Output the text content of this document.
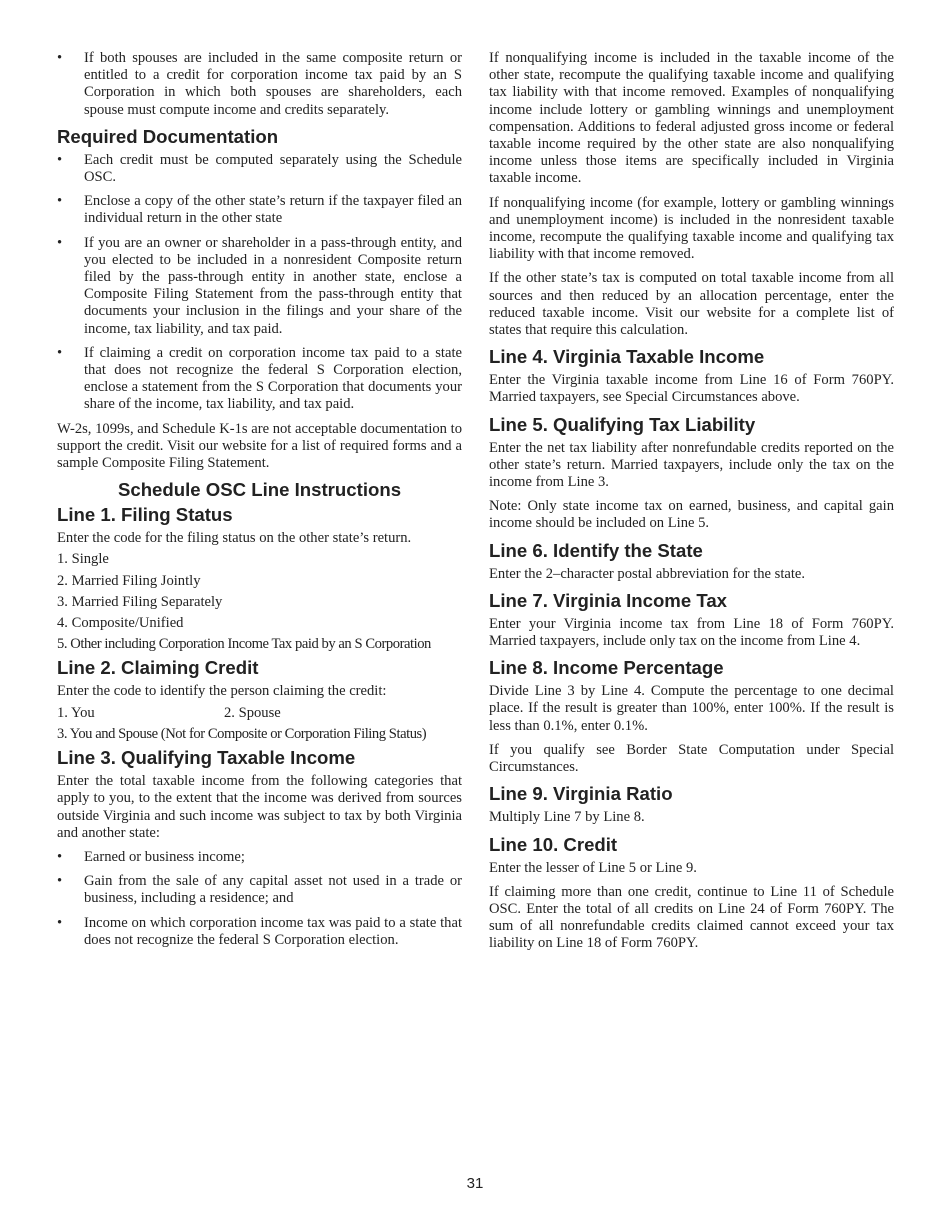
• If both spouses are included in the same composite return or entitled to a credit for corporation income tax paid by an S Corporation in which both spouses are shareholders, each spouse must compute income and credits separately.
Required Documentation
• Each credit must be computed separately using the Schedule OSC.
• Enclose a copy of the other state’s return if the taxpayer filed an individual return in the other state
• If you are an owner or shareholder in a pass-through entity, and you elected to be included in a nonresident Composite return filed by the pass-through entity in another state, enclose a Composite Filing Statement from the pass-through entity that documents your inclusion in the filings and your share of the income, tax liability, and tax paid.
• If claiming a credit on corporation income tax paid to a state that does not recognize the federal S Corporation election, enclose a statement from the S Corporation that documents your share of the income, tax liability, and tax paid.

W-2s, 1099s, and Schedule K-1s are not acceptable documentation to support the credit. Visit our website for a list of required forms and a sample Composite Filing Statement.

Schedule OSC Line Instructions
Line 1. Filing Status

Enter the code for the filing status on the other state’s return.

1. Single

2. Married Filing Jointly

3. Married Filing Separately

4. Composite/Unified

5. Other including Corporation Income Tax paid by an S Corporation

Line 2. Claiming Credit

Enter the code to identify the person claiming the credit:

1. You	2. Spouse

3. You and Spouse (Not for Composite or Corporation Filing Status)

Line 3. Qualifying Taxable Income

Enter the total taxable income from the following categories that apply to you, to the extent that the income was derived from sources outside Virginia and such income was subject to tax by both Virginia and another state:

• Earned or business income;
• Gain from the sale of any capital asset not used in a trade or business, including a residence; and
• Income on which corporation income tax was paid to a state that does not recognize the federal S Corporation election.

If nonqualifying income is included in the taxable income of the other state, recompute the qualifying taxable income and qualifying tax liability with that income removed. Examples of nonqualifying income include lottery or gambling winnings and unemployment compensation. Additions to federal adjusted gross income or federal taxable income required by the other state are also nonqualifying income unless those items are specifically included in Virginia taxable income.

If nonqualifying income (for example, lottery or gambling winnings and unemployment income) is included in the nonresident taxable income, recompute the qualifying taxable income and qualifying tax liability with that income removed.

If the other state’s tax is computed on total taxable income from all sources and then reduced by an allocation percentage, enter the reduced taxable income. Visit our website for a complete list of states that require this calculation.

Line 4. Virginia Taxable Income

Enter the Virginia taxable income from Line 16 of Form 760PY. Married taxpayers, see Special Circumstances above.

Line 5. Qualifying Tax Liability

Enter the net tax liability after nonrefundable credits reported on the other state’s return. Married taxpayers, include only the tax on the income from Line 3.

Note: Only state income tax on earned, business, and capital gain income should be included on Line 5.

Line 6. Identify the State

Enter the 2–character postal abbreviation for the state.

Line 7. Virginia Income Tax

Enter your Virginia income tax from Line 18 of Form 760PY. Married taxpayers, include only tax on the income from Line 4.

Line 8. Income Percentage

Divide Line 3 by Line 4. Compute the percentage to one decimal place. If the result is greater than 100%, enter 100%. If the result is less than 0.1%, enter 0.1%.

If you qualify see Border State Computation under Special Circumstances.

Line 9. Virginia Ratio

Multiply Line 7 by Line 8.

Line 10. Credit

Enter the lesser of Line 5 or Line 9.

If claiming more than one credit, continue to Line 11 of Schedule OSC. Enter the total of all credits on Line 24 of Form 760PY. The sum of all nonrefundable credits claimed cannot exceed your tax liability on Line 18 of Form 760PY.

31
